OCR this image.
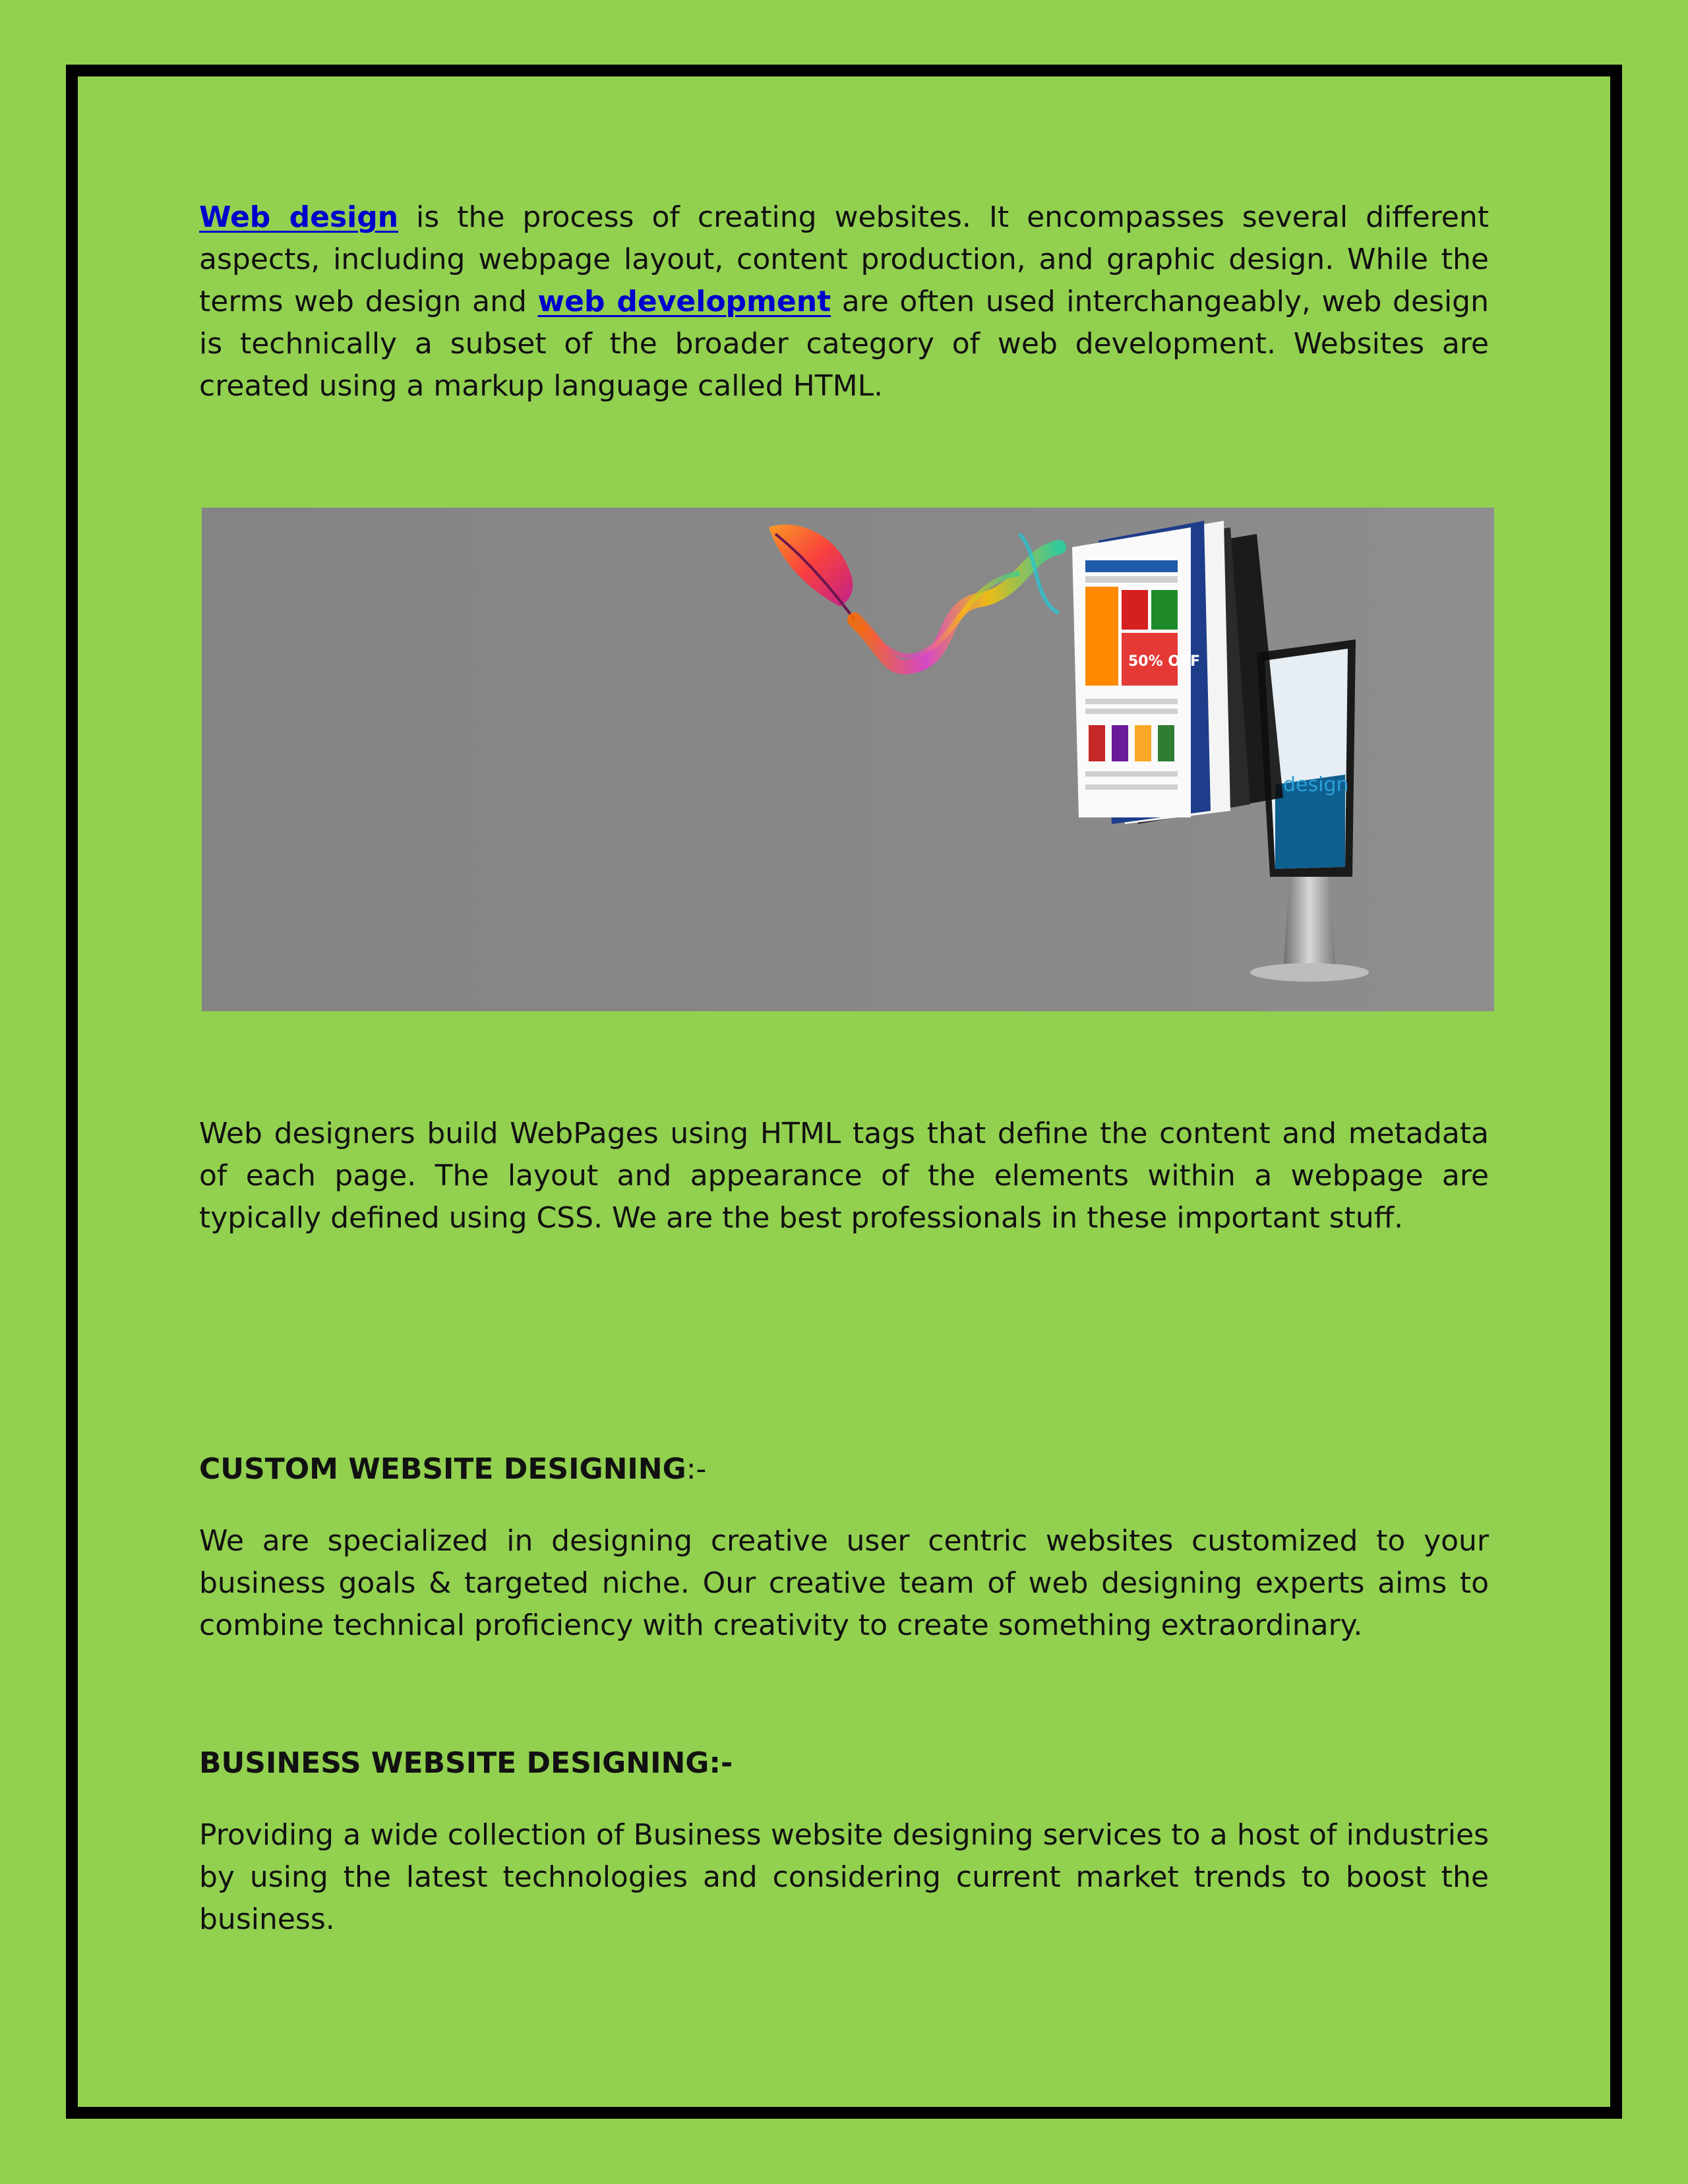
Web design is the process of creating websites. It encompasses several different aspects, including webpage layout, content production, and graphic design. While the terms web design and web development are often used interchangeably, web design is technically a subset of the broader category of web development. Websites are created using a markup language called HTML.

design
50% OFF

Web designers build WebPages using HTML tags that define the content and metadata of each page. The layout and appearance of the elements within a webpage are typically defined using CSS. We are the best professionals in these important stuff.

CUSTOM WEBSITE DESIGNING:-

We are specialized in designing creative user centric websites customized to your business goals & targeted niche. Our creative team of web designing experts aims to combine technical proficiency with creativity to create something extraordinary.

BUSINESS WEBSITE DESIGNING:-

Providing a wide collection of Business website designing services to a host of industries by using the latest technologies and considering current market trends to boost the business.
